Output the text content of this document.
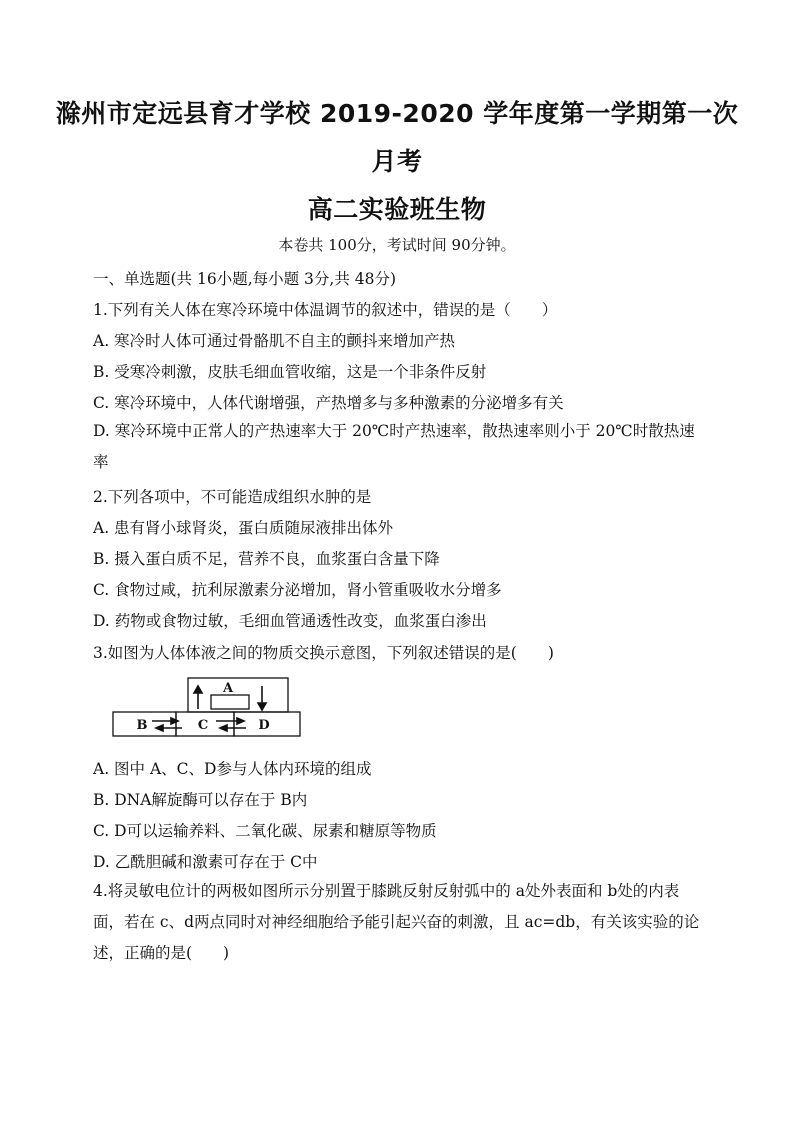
滁州市定远县育才学校 2019-2020 学年度第一学期第一次
月考
高二实验班生物
本卷共 100分，考试时间 90分钟。
一、单选题(共 16小题,每小题 3分,共 48分)
1.下列有关人体在寒冷环境中体温调节的叙述中，错误的是（　　）
A. 寒冷时人体可通过骨骼肌不自主的颤抖来增加产热
B. 受寒冷刺激，皮肤毛细血管收缩，这是一个非条件反射
C. 寒冷环境中，人体代谢增强，产热增多与多种激素的分泌增多有关
D. 寒冷环境中正常人的产热速率大于 20℃时产热速率，散热速率则小于 20℃时散热速率
2.下列各项中，不可能造成组织水肿的是
A. 患有肾小球肾炎，蛋白质随尿液排出体外
B. 摄入蛋白质不足，营养不良，血浆蛋白含量下降
C. 食物过咸，抗利尿激素分泌增加，肾小管重吸收水分增多
D. 药物或食物过敏，毛细血管通透性改变，血浆蛋白渗出
3.如图为人体体液之间的物质交换示意图，下列叙述错误的是(　　)
A
B	C	D
A. 图中 A、C、D参与人体内环境的组成
B. DNA解旋酶可以存在于 B内
C. D可以运输养料、二氧化碳、尿素和糖原等物质
D. 乙酰胆碱和激素可存在于 C中
4.将灵敏电位计的两极如图所示分别置于膝跳反射反射弧中的 a处外表面和 b处的内表面，若在 c、d两点同时对神经细胞给予能引起兴奋的刺激，且 ac=db，有关该实验的论述，正确的是(　　)
